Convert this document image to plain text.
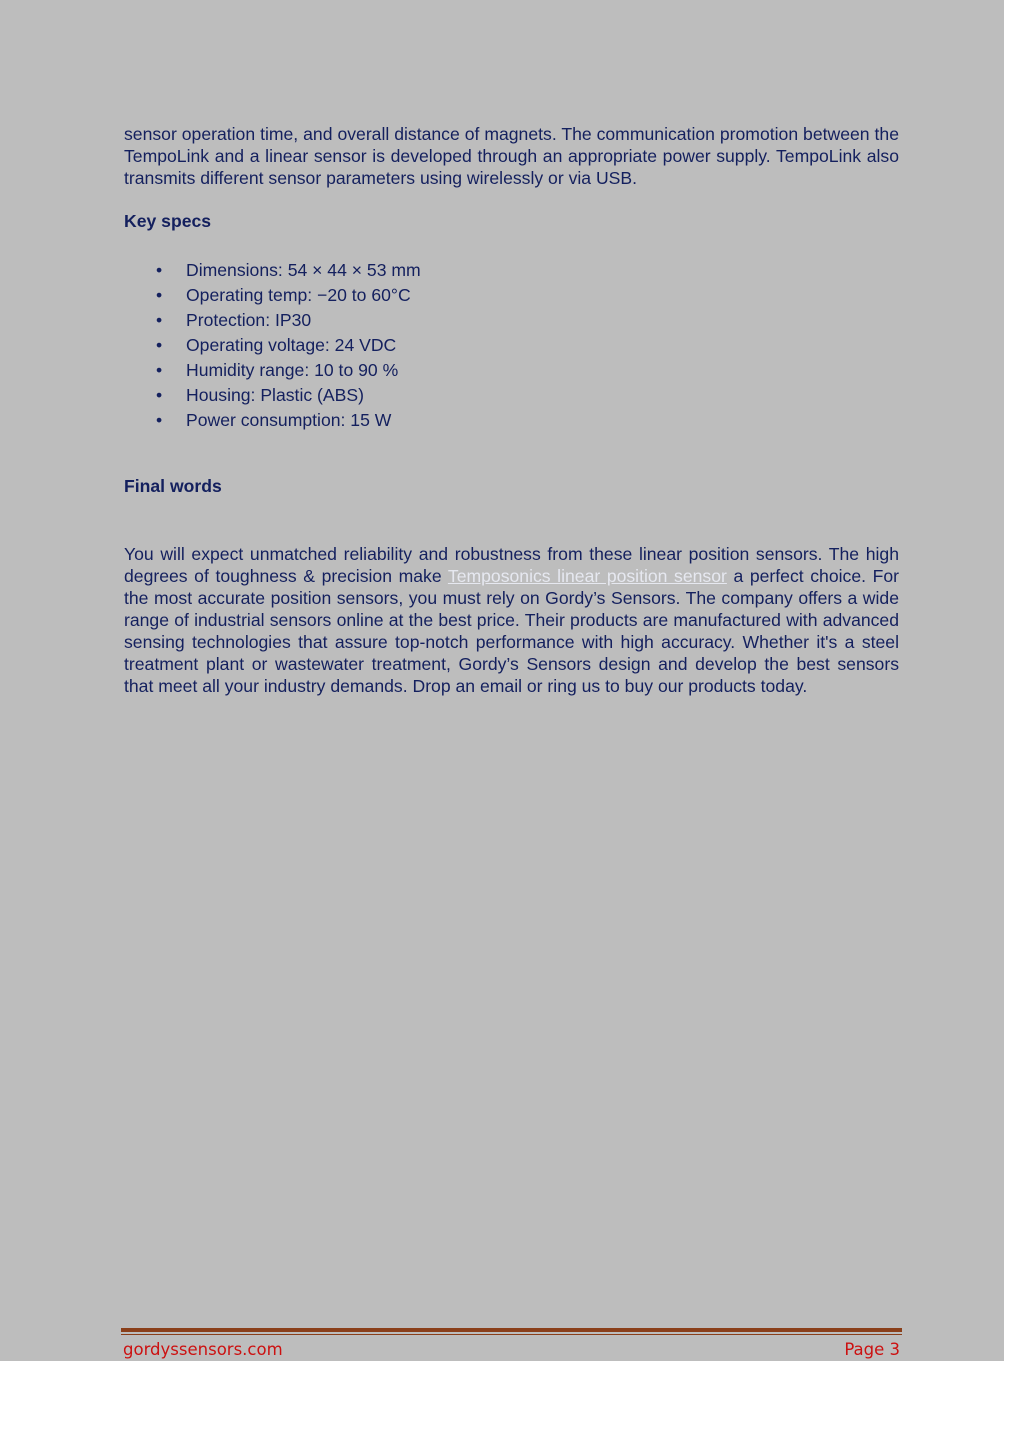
sensor operation time, and overall distance of magnets. The communication promotion between the TempoLink and a linear sensor is developed through an appropriate power supply. TempoLink also transmits different sensor parameters using wirelessly or via USB.

Key specs

• Dimensions: 54 × 44 × 53 mm
• Operating temp: −20 to 60°C
• Protection: IP30
• Operating voltage: 24 VDC
• Humidity range: 10 to 90 %
• Housing: Plastic (ABS)
• Power consumption: 15 W

Final words

You will expect unmatched reliability and robustness from these linear position sensors. The high degrees of toughness & precision make Temposonics linear position sensor a perfect choice. For the most accurate position sensors, you must rely on Gordy’s Sensors. The company offers a wide range of industrial sensors online at the best price. Their products are manufactured with advanced sensing technologies that assure top-notch performance with high accuracy. Whether it's a steel treatment plant or wastewater treatment, Gordy’s Sensors design and develop the best sensors that meet all your industry demands. Drop an email or ring us to buy our products today.

gordyssensors.com	Page 3
